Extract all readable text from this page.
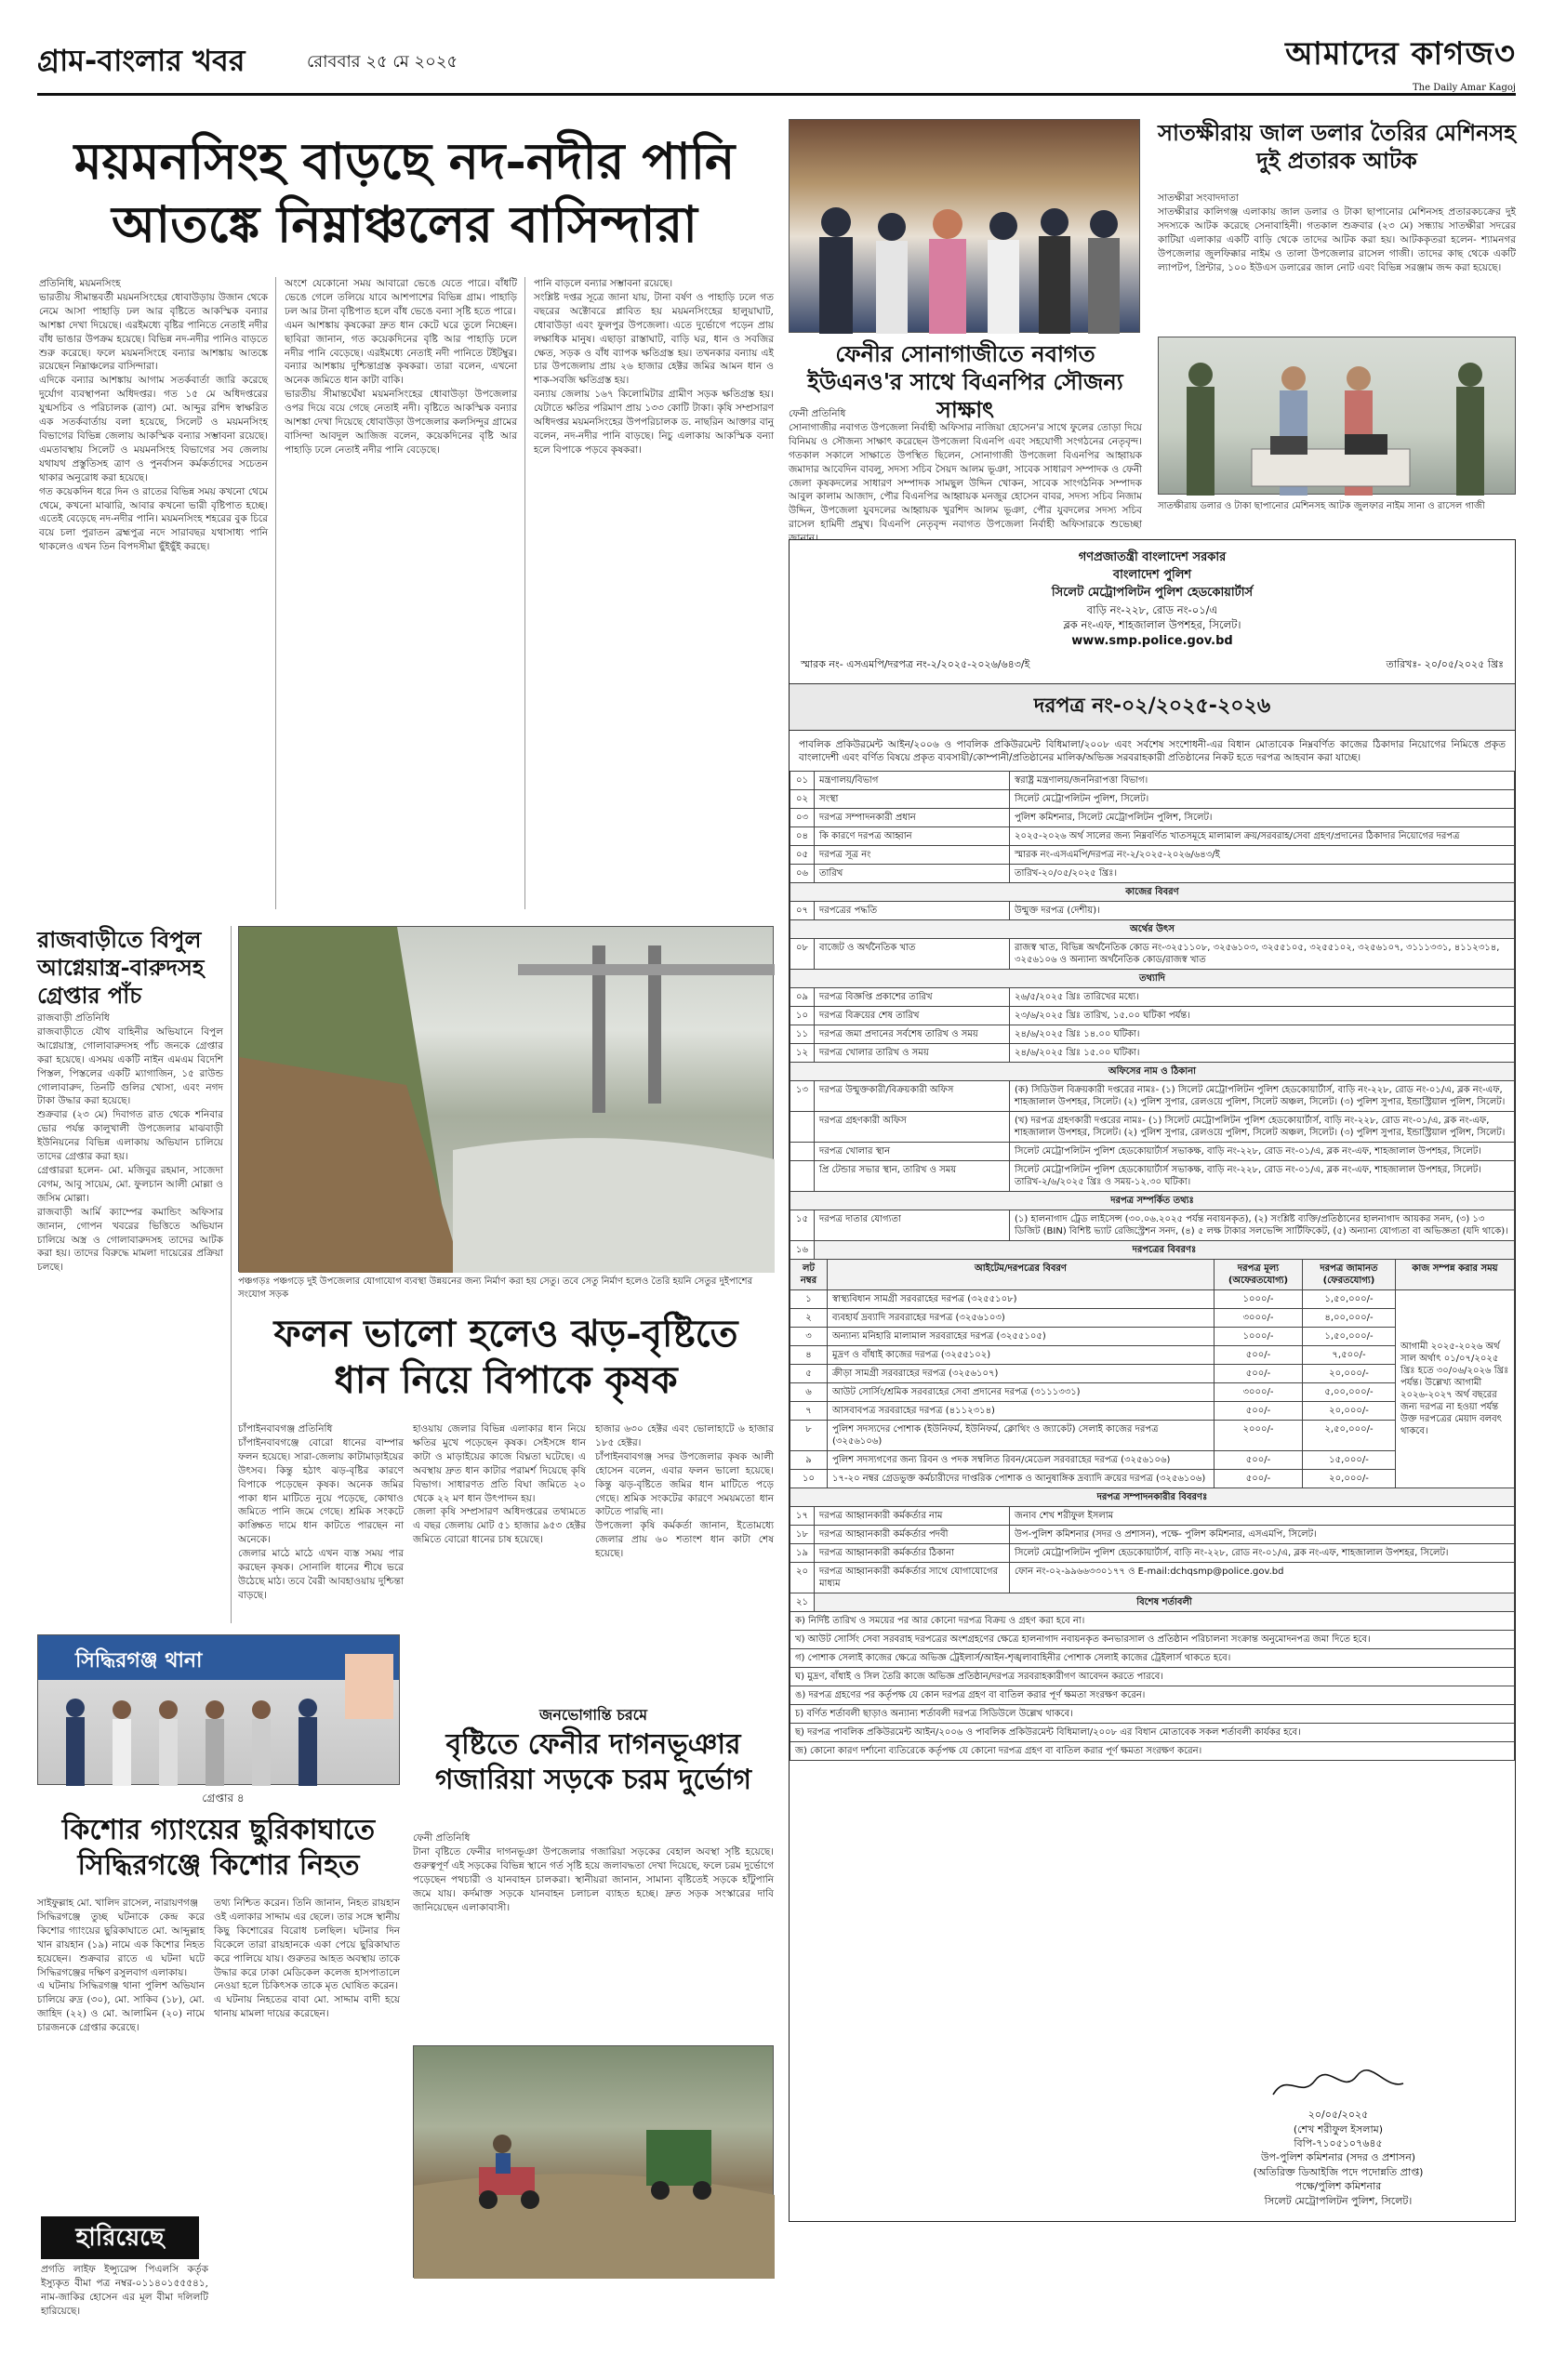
গ্রাম-বাংলার খবর	রোববার ২৫ মে ২০২৫	আমাদের কাগজ৩
The Daily Amar Kagoj
ময়মনসিংহ বাড়ছে নদ-নদীর পানি
আতঙ্কে নিম্নাঞ্চলের বাসিন্দারা
প্রতিনিধি, ময়মনসিংহ
ভারতীয় সীমান্তবর্তী ময়মনসিংহের ধোবাউড়ায় উজান থেকে নেমে আসা পাহাড়ি ঢল আর বৃষ্টিতে আকস্মিক বন্যার আশঙ্কা দেখা দিয়েছে। এরইমধ্যে বৃষ্টির পানিতে নেতাই নদীর বাঁধ ভাঙার উপক্রম হয়েছে। বিভিন্ন নদ-নদীর পানিও বাড়তে শুরু করেছে। ফলে ময়মনসিংহে বন্যার আশঙ্কায় আতঙ্কে রয়েছেন নিম্নাঞ্চলের বাসিন্দারা।
এদিকে বন্যার আশঙ্কায় আগাম সতর্কবার্তা জারি করেছে দুর্যোগ ব্যবস্থাপনা অধিদপ্তর। গত ১৫ মে অধিদপ্তরের যুগ্মসচিব ও পরিচালক (ত্রাণ) মো. আব্দুর রশিদ স্বাক্ষরিত এক সতর্কবার্তায় বলা হয়েছে, সিলেট ও ময়মনসিংহ বিভাগের বিভিন্ন জেলায় আকস্মিক বন্যার সম্ভাবনা রয়েছে। এমতাবস্থায় সিলেট ও ময়মনসিংহ বিভাগের সব জেলায় যথাযথ প্রস্তুতিসহ ত্রাণ ও পুনর্বাসন কর্মকর্তাদের সচেতন থাকার অনুরোধ করা হয়েছে।
গত কয়েকদিন ধরে দিন ও রাতের বিভিন্ন সময় কখনো থেমে থেমে, কখনো মাঝারি, আবার কখনো ভারী বৃষ্টিপাত হচ্ছে। এতেই বেড়েছে নদ-নদীর পানি। ময়মনসিংহ শহরের বুক চিরে বয়ে চলা পুরাতন ব্রহ্মপুত্র নদে সারাবছর যথাসাধ্য পানি থাকলেও এখন তিন বিপদসীমা ছুঁইছুঁই করছে।
অংশে যেকোনো সময় আবারো ভেঙে যেতে পারে। বাঁধটি ভেঙে গেলে তলিয়ে যাবে আশপাশের বিভিন্ন গ্রাম। পাহাড়ি ঢল আর টানা বৃষ্টিপাত হলে বাঁধ ভেঙে বন্যা সৃষ্টি হতে পারে।
এমন আশঙ্কায় কৃষকেরা দ্রুত ধান কেটে ঘরে তুলে নিচ্ছেন। ছাবিরা জানান, গত কয়েকদিনের বৃষ্টি আর পাহাড়ি ঢলে নদীর পানি বেড়েছে। এরইমধ্যে নেতাই নদী পানিতে টইটম্বুর। বন্যার আশঙ্কায় দুশ্চিন্তাগ্রস্ত কৃষকরা। তারা বলেন, এখনো অনেক জমিতে ধান কাটা বাকি।
ভারতীয় সীমান্তঘেঁষা ময়মনসিংহের ধোবাউড়া উপজেলার ওপর দিয়ে বয়ে গেছে নেতাই নদী। বৃষ্টিতে আকস্মিক বন্যার আশঙ্কা দেখা দিয়েছে ধোবাউড়া উপজেলার কলসিন্দুর গ্রামের বাসিন্দা আবদুল আজিজ বলেন, কয়েকদিনের বৃষ্টি আর পাহাড়ি ঢলে নেতাই নদীর পানি বেড়েছে।
পানি বাড়লে বন্যার সম্ভাবনা রয়েছে।
সংশ্লিষ্ট দপ্তর সূত্রে জানা যায়, টানা বর্ষণ ও পাহাড়ি ঢলে গত বছরের অক্টোবরে প্লাবিত হয় ময়মনসিংহের হালুয়াঘাট, ধোবাউড়া এবং ফুলপুর উপজেলা। এতে দুর্ভোগে পড়েন প্রায় লক্ষাধিক মানুষ। এছাড়া রাস্তাঘাট, বাড়ি ঘর, ধান ও সবজির ক্ষেত, সড়ক ও বাঁধ ব্যাপক ক্ষতিগ্রস্ত হয়। তখনকার বন্যায় এই চার উপজেলায় প্রায় ২৬ হাজার হেক্টর জমির আমন ধান ও শাক-সবজি ক্ষতিগ্রস্ত হয়।
বন্যায় জেলায় ১৬৭ কিলোমিটার গ্রামীণ সড়ক ক্ষতিগ্রস্ত হয়। যেটাতে ক্ষতির পরিমাণ প্রায় ১৩৩ কোটি টাকা। কৃষি সম্প্রসারণ অধিদপ্তর ময়মনসিংহের উপপরিচালক ড. নাছরিন আক্তার বানু বলেন, নদ-নদীর পানি বাড়ছে। নিচু এলাকায় আকস্মিক বন্যা হলে বিপাকে পড়বে কৃষকরা।
ফেনীর সোনাগাজীতে নবাগত ইউএনও'র সাথে বিএনপির সৌজন্য সাক্ষাৎ
ফেনী প্রতিনিধি
সোনাগাজীর নবাগত উপজেলা নির্বাহী অফিসার নাজিয়া হোসেন'র সাথে ফুলের তোড়া দিয়ে বিনিময় ও সৌজন্য সাক্ষাৎ করেছেন উপজেলা বিএনপি এবং সহযোগী সংগঠনের নেতৃবৃন্দ। গতকাল সকালে সাক্ষাতে উপস্থিত ছিলেন, সোনাগাজী উপজেলা বিএনপির আহ্বায়ক জমাদার আবেদিন বাবলু, সদস্য সচিব সৈয়দ আলম ভূঞা, সাবেক সাধারণ সম্পাদক ও ফেনী জেলা কৃষকদলের সাধারণ সম্পাদক সামছুল উদ্দিন খোকন, সাবেক সাংগঠনিক সম্পাদক আবুল কালাম আজাদ, পৌর বিএনপির আহ্বায়ক মনজুর হোসেন বাবর, সদস্য সচিব নিজাম উদ্দিন, উপজেলা যুবদলের আহ্বায়ক খুরশিদ আলম ভূঞা, পৌর যুবদলের সদস্য সচিব রাসেল হামিদী প্রমুখ। বিএনপি নেতৃবৃন্দ নবাগত উপজেলা নির্বাহী অফিসারকে শুভেচ্ছা
সাতক্ষীরায় জাল ডলার তৈরির মেশিনসহ দুই প্রতারক আটক
সাতক্ষীরা সংবাদদাতা
সাতক্ষীরার কালিগঞ্জ এলাকায় জাল ডলার ও টাকা ছাপানোর মেশিনসহ প্রতারকচক্রের দুই সদস্যকে আটক করেছে সেনাবাহিনী। গতকাল শুক্রবার (২৩ মে) সন্ধ্যায় সাতক্ষীরা সদরের কাটিয়া এলাকার একটি বাড়ি থেকে তাদের আটক করা হয়। আটককৃতরা হলেন- শ্যামনগর উপজেলার জুলফিক্কার নাইম ও তালা উপজেলার রাসেল গাজী। তাদের কাছ থেকে একটি ল্যাপটপ, প্রিন্টার, ১০০ ইউএস ডলারের জাল নোট এবং বিভিন্ন সরঞ্জাম জব্দ করা হয়েছে।
সাতক্ষীরায় ডলার ও টাকা ছাপানোর মেশিনসহ আটক জুলফার নাইম সানা ও রাসেল গাজী
রাজবাড়ীতে বিপুল আগ্নেয়াস্ত্র-বারুদসহ গ্রেপ্তার পাঁচ
রাজবাড়ী প্রতিনিধি
রাজবাড়ীতে যৌথ বাহিনীর অভিযানে বিপুল আগ্নেয়াস্ত্র, গোলাবারুদসহ পাঁচ জনকে গ্রেপ্তার করা হয়েছে। এসময় একটি নাইন এমএম বিদেশি পিস্তল, পিস্তলের একটি ম্যাগাজিন, ১৫ রাউন্ড গোলাবারুদ, তিনটি গুলির খোসা, এবং নগদ টাকা উদ্ধার করা হয়েছে।
শুক্রবার (২৩ মে) দিবাগত রাত থেকে শনিবার ভোর পর্যন্ত কালুখালী উপজেলার মাঝবাড়ী ইউনিয়নের বিভিন্ন এলাকায় অভিযান চালিয়ে তাদের গ্রেপ্তার করা হয়।
গ্রেপ্তাররা হলেন- মো. মজিবুর রহমান, সাজেদা বেগম, আবু সায়েম, মো. ফুলচান আলী মোল্লা ও জসিম মোল্লা।
রাজবাড়ী আর্মি ক্যাম্পের কমান্ডিং অফিসার জানান, গোপন খবরের ভিত্তিতে অভিযান চালিয়ে অস্ত্র ও গোলাবারুদসহ তাদের আটক করা হয়। তাদের বিরুদ্ধে মামলা দায়েরের প্রক্রিয়া চলছে।
পঞ্চগড়ঃ পঞ্চগড়ে দুই উপজেলার যোগাযোগ ব্যবস্থা উন্নয়নের জন্য নির্মাণ করা হয় সেতু। তবে সেতু নির্মাণ হলেও তৈরি হয়নি সেতুর দুইপাশের সংযোগ সড়ক
ফলন ভালো হলেও ঝড়-বৃষ্টিতে
ধান নিয়ে বিপাকে কৃষক
চাঁপাইনবাবগঞ্জ প্রতিনিধি
চাঁপাইনবাবগঞ্জে বোরো ধানের বাম্পার ফলন হয়েছে। সারা-জেলায় কাটামাড়াইয়ের উৎসব। কিন্তু হঠাৎ ঝড়-বৃষ্টির কারণে বিপাকে পড়েছেন কৃষক। অনেক জমির পাকা ধান মাটিতে নুয়ে পড়েছে, কোথাও জমিতে পানি জমে গেছে। শ্রমিক সংকটে কাঙ্ক্ষিত দামে ধান কাটতে পারছেন না অনেকে।
জেলার মাঠে মাঠে এখন ব্যস্ত সময় পার করছেন কৃষক। সোনালি ধানের শীষে ভরে উঠেছে মাঠ। তবে বৈরী আবহাওয়ায় দুশ্চিন্তা বাড়ছে।
হাওয়ায় জেলার বিভিন্ন এলাকার ধান নিয়ে ক্ষতির মুখে পড়েছেন কৃষক। সেইসঙ্গে ধান কাটা ও মাড়াইয়ের কাজে বিঘ্নতা ঘটেছে। এ অবস্থায় দ্রুত ধান কাটার পরামর্শ দিয়েছে কৃষি বিভাগ। সাধারণত প্রতি বিঘা জমিতে ২০ থেকে ২২ মণ ধান উৎপাদন হয়।
জেলা কৃষি সম্প্রসারণ অধিদপ্তরের তথ্যমতে এ বছর জেলায় মোট ৫১ হাজার ৯৫৩ হেক্টর জমিতে বোরো ধানের চাষ হয়েছে।
হাজার ৬৩০ হেক্টর এবং ভোলাহাটে ৬ হাজার ১৮৫ হেক্টর।
চাঁপাইনবাবগঞ্জ সদর উপজেলার কৃষক আলী হোসেন বলেন, এবার ফলন ভালো হয়েছে। কিন্তু ঝড়-বৃষ্টিতে জমির ধান মাটিতে পড়ে গেছে। শ্রমিক সংকটের কারণে সময়মতো ধান কাটতে পারছি না।
উপজেলা কৃষি কর্মকর্তা জানান, ইতোমধ্যে জেলার প্রায় ৬০ শতাংশ ধান কাটা শেষ হয়েছে।
সিদ্ধিরগঞ্জ থানা
গ্রেপ্তার ৪
কিশোর গ্যাংয়ের ছুরিকাঘাতে সিদ্ধিরগঞ্জে কিশোর নিহত
সাইফুল্লাহ মো. খালিদ রাসেল, নারায়ণগঞ্জ
সিদ্ধিরগঞ্জে তুচ্ছ ঘটনাকে কেন্দ্র করে কিশোর গ্যাংয়ের ছুরিকাঘাতে মো. আব্দুল্লাহ খান রায়হান (১৯) নামে এক কিশোর নিহত হয়েছেন। শুক্রবার রাতে এ ঘটনা ঘটে সিদ্ধিরগঞ্জের দক্ষিণ রসুলবাগ এলাকায়।
এ ঘটনায় সিদ্ধিরগঞ্জ থানা পুলিশ অভিযান চালিয়ে রুদ্র (৩০), মো. সাকিব (১৮), মো. জাহিদ (২২) ও মো. আলামিন (২০) নামে চারজনকে গ্রেপ্তার করেছে।
তথ্য নিশ্চিত করেন। তিনি জানান, নিহত রায়হান ওই এলাকার সাদ্দাম এর ছেলে। তার সঙ্গে স্থানীয় কিছু কিশোরের বিরোধ চলছিল। ঘটনার দিন বিকেলে তারা রায়হানকে একা পেয়ে ছুরিকাঘাত করে পালিয়ে যায়। গুরুতর আহত অবস্থায় তাকে উদ্ধার করে ঢাকা মেডিকেল কলেজ হাসপাতালে নেওয়া হলে চিকিৎসক তাকে মৃত ঘোষিত করেন।
এ ঘটনায় নিহতের বাবা মো. সাদ্দাম বাদী হয়ে থানায় মামলা দায়ের করেছেন।
জনভোগান্তি চরমে
বৃষ্টিতে ফেনীর দাগনভূঞার গজারিয়া সড়কে চরম দুর্ভোগ
ফেনী প্রতিনিধি
টানা বৃষ্টিতে ফেনীর দাগনভূঞা উপজেলার গজারিয়া সড়কের বেহাল অবস্থা সৃষ্টি হয়েছে। গুরুত্বপূর্ণ এই সড়কের বিভিন্ন স্থানে গর্ত সৃষ্টি হয়ে জলাবদ্ধতা দেখা দিয়েছে, ফলে চরম দুর্ভোগে পড়েছেন পথচারী ও যানবাহন চালকরা। স্থানীয়রা জানান, সামান্য বৃষ্টিতেই সড়কে হাঁটুপানি জমে যায়। কর্দমাক্ত সড়কে যানবাহন চলাচল ব্যাহত হচ্ছে। দ্রুত সড়ক সংস্কারের দাবি জানিয়েছেন এলাকাবাসী।
হারিয়েছে
প্রগতি লাইফ ইন্স্যুরেন্স পিএলসি কর্তৃক ইস্যুকৃত বীমা পত্র নম্বর-০১১৪০১৫৫৫৪১, নাম-জাকির হোসেন এর মূল বীমা দলিলটি হারিয়েছে।
গণপ্রজাতন্ত্রী বাংলাদেশ সরকার
বাংলাদেশ পুলিশ
সিলেট মেট্রোপলিটন পুলিশ হেডকোয়ার্টার্স
বাড়ি নং-২২৮, রোড নং-০১/এ
ব্লক নং-এফ, শাহজালাল উপশহর, সিলেট।
www.smp.police.gov.bd
স্মারক নং- এসএমপি/দরপত্র নং-২/২০২৫-২০২৬/৬৪৩/ই	তারিখঃ- ২০/০৫/২০২৫ খ্রিঃ
দরপত্র নং-০২/২০২৫-২০২৬
পাবলিক প্রকিউরমেন্ট আইন/২০০৬ ও পাবলিক প্রকিউরমেন্ট বিধিমালা/২০০৮ এবং সর্বশেষ সংশোধনী-এর বিধান মোতাবেক নিম্নবর্ণিত কাজের ঠিকাদার নিয়োগের নিমিত্তে প্রকৃত বাংলাদেশী এবং বর্ণিত বিষয়ে প্রকৃত ব্যবসায়ী/কোম্পানী/প্রতিষ্ঠানের মালিক/অভিজ্ঞ সরবরাহকারী প্রতিষ্ঠানের নিকট হতে দরপত্র আহবান করা যাচ্ছে।
০১	মন্ত্রণালয়/বিভাগ	স্বরাষ্ট্র মন্ত্রণালয়/জননিরাপত্তা বিভাগ।
০২	সংস্থা	সিলেট মেট্রোপলিটন পুলিশ, সিলেট।
০৩	দরপত্র সম্পাদনকারী প্রধান	পুলিশ কমিশনার, সিলেট মেট্রোপলিটন পুলিশ, সিলেট।
০৪	কি কারণে দরপত্র আহ্বান	২০২৫-২০২৬ অর্থ সালের জন্য নিম্নবর্ণিত খাতসমূহে মালামাল ক্রয়/সরবরাহ/সেবা গ্রহণ/প্রদানের ঠিকাদার নিয়োগের দরপত্র
০৫	দরপত্র সূত্র নং	স্মারক নং-এসএমপি/দরপত্র নং-২/২০২৫-২০২৬/৬৪৩/ই
০৬	তারিখ	তারিখ-২০/০৫/২০২৫ খ্রিঃ।
কাজের বিবরণ		
০৭	দরপত্রের পদ্ধতি	উন্মুক্ত দরপত্র (দেশীয়)।
অর্থের উৎস		
০৮	বাজেট ও অর্থনৈতিক খাত	রাজস্ব খাত, বিভিন্ন অর্থনৈতিক কোড নং-৩২৫১১০৮, ৩২৫৬১০৩, ৩২৫৫১০৫, ৩২৫৫১০২, ৩২৫৬১০৭, ৩১১১৩৩১, ৪১১২৩১৪, ৩২৫৬১০৬ ও অন্যান্য অর্থনৈতিক কোড/রাজস্ব খাত
তথ্যাদি		
০৯	দরপত্র বিজ্ঞপ্তি প্রকাশের তারিখ	২৬/৫/২০২৫ খ্রিঃ তারিখের মধ্যে।
১০	দরপত্র বিক্রয়ের শেষ তারিখ	২৩/৬/২০২৫ খ্রিঃ তারিখ, ১৫.০০ ঘটিকা পর্যন্ত।
১১	দরপত্র জমা প্রদানের সর্বশেষ তারিখ ও সময়	২৪/৬/২০২৫ খ্রিঃ ১৪.০০ ঘটিকা।
১২	দরপত্র খোলার তারিখ ও সময়	২৪/৬/২০২৫ খ্রিঃ ১৫.০০ ঘটিকা।
অফিসের নাম ও ঠিকানা		
১৩	দরপত্র উন্মুক্তকারী/বিক্রয়কারী অফিস	(ক) সিডিউল বিক্রয়কারী দপ্তরের নামঃ- (১) সিলেট মেট্রোপলিটন পুলিশ হেডকোয়ার্টার্স, বাড়ি নং-২২৮, রোড নং-০১/এ, ব্লক নং-এফ, শাহজালাল উপশহর, সিলেট। (২) পুলিশ সুপার, রেলওয়ে পুলিশ, সিলেট অঞ্চল, সিলেট। (৩) পুলিশ সুপার, ইন্ডাস্ট্রিয়াল পুলিশ, সিলেট।
	দরপত্র গ্রহণকারী অফিস	(খ) দরপত্র গ্রহণকারী দপ্তরের নামঃ- (১) সিলেট মেট্রোপলিটন পুলিশ হেডকোয়ার্টার্স, বাড়ি নং-২২৮, রোড নং-০১/এ, ব্লক নং-এফ, শাহজালাল উপশহর, সিলেট। (২) পুলিশ সুপার, রেলওয়ে পুলিশ, সিলেট অঞ্চল, সিলেট। (৩) পুলিশ সুপার, ইন্ডাস্ট্রিয়াল পুলিশ, সিলেট।
	দরপত্র খোলার স্থান	সিলেট মেট্রোপলিটন পুলিশ হেডকোয়ার্টার্স সভাকক্ষ, বাড়ি নং-২২৮, রোড নং-০১/এ, ব্লক নং-এফ, শাহজালাল উপশহর, সিলেট।
	প্রি টেন্ডার সভার স্থান, তারিখ ও সময়	সিলেট মেট্রোপলিটন পুলিশ হেডকোয়ার্টার্স সভাকক্ষ, বাড়ি নং-২২৮, রোড নং-০১/এ, ব্লক নং-এফ, শাহজালাল উপশহর, সিলেট। তারিখ-২/৬/২০২৫ খ্রিঃ ও সময়-১২.৩০ ঘটিকা।
দরপত্র সম্পর্কিত তথ্যঃ		
১৫	দরপত্র দাতার যোগ্যতা	(১) হালনাগাদ ট্রেড লাইসেন্স (৩০.০৬.২০২৫ পর্যন্ত নবায়নকৃত), (২) সংশ্লিষ্ট ব্যক্তি/প্রতিষ্ঠানের হালনাগাদ আয়কর সনদ, (৩) ১৩ ডিজিট (BIN) বিশিষ্ট ভ্যাট রেজিস্ট্রেশন সনদ, (৪) ৫ লক্ষ টাকার সলভেন্সি সার্টিফিকেট, (৫) অন্যান্য যোগ্যতা বা অভিজ্ঞতা (যদি থাকে)।
১৬	দরপত্রের বিবরণঃ	
লট নম্বর	আইটেম/দরপত্রের বিবরণ	দরপত্র মূল্য (অফেরতযোগ্য)	দরপত্র জামানত (ফেরতযোগ্য)	কাজ সম্পন্ন করার সময়
১	স্বাস্থ্যবিধান সামগ্রী সরবরাহের দরপত্র (৩২৫৫১০৮)	১০০০/-	১,৫০,০০০/-	আগামী ২০২৫-২০২৬ অর্থ সাল অর্থাৎ ০১/০৭/২০২৫ খ্রিঃ হতে ৩০/০৬/২০২৬ খ্রিঃ পর্যন্ত। উল্লেখ্য আগামী ২০২৬-২০২৭ অর্থ বছরের জন্য দরপত্র না হওয়া পর্যন্ত উক্ত দরপত্রের মেয়াদ বলবৎ থাকবে।
২	ব্যবহার্য দ্রব্যাদি সরবরাহের দরপত্র (৩২৫৬১০৩)	৩০০০/-	৪,০০,০০০/-	
৩	অন্যান্য মনিহারি মালামাল সরবরাহের দরপত্র (৩২৫৫১০৫)	১০০০/-	১,৫০,০০০/-	
৪	মুদ্রণ ও বাঁধাই কাজের দরপত্র (৩২৫৫১০২)	৫০০/-	৭,৫০০/-	
৫	ক্রীড়া সামগ্রী সরবরাহের দরপত্র (৩২৫৬১০৭)	৫০০/-	২০,০০০/-	
৬	আউট সোর্সিং/শ্রমিক সরবরাহের সেবা প্রদানের দরপত্র (৩১১১৩৩১)	৩০০০/-	৫,০০,০০০/-	
৭	আসবাবপত্র সরবরাহের দরপত্র (৪১১২৩১৪)	৫০০/-	২০,০০০/-	
৮	পুলিশ সদস্যদের পোশাক (ইউনিফর্ম, ইউনিফর্ম, ক্লোথিং ও জ্যাকেট) সেলাই কাজের দরপত্র (৩২৫৬১০৬)	২০০০/-	২,৫০,০০০/-	
৯	পুলিশ সদস্যগণের জন্য রিবন ও পদক সম্বলিত রিবন/মেডেল সরবরাহের দরপত্র (৩২৫৬১০৬)	৫০০/-	১৫,০০০/-	
১০	১৭-২০ নম্বর গ্রেডভুক্ত কর্মচারীদের দাপ্তরিক পোশাক ও আনুষাঙ্গিক দ্রব্যাদি ক্রয়ের দরপত্র (৩২৫৬১০৬)	৫০০/-	২০,০০০/-	
দরপত্র সম্পাদনকারীর বিবরণঃ		
১৭	দরপত্র আহ্বানকারী কর্মকর্তার নাম	জনাব শেখ শরীফুল ইসলাম
১৮	দরপত্র আহ্বানকারী কর্মকর্তার পদবী	উপ-পুলিশ কমিশনার (সদর ও প্রশাসন), পক্ষে- পুলিশ কমিশনার, এসএমপি, সিলেট।
১৯	দরপত্র আহ্বানকারী কর্মকর্তার ঠিকানা	সিলেট মেট্রোপলিটন পুলিশ হেডকোয়ার্টার্স, বাড়ি নং-২২৮, রোড নং-০১/এ, ব্লক নং-এফ, শাহজালাল উপশহর, সিলেট।
২০	দরপত্র আহ্বানকারী কর্মকর্তার সাথে যোগাযোগের মাধ্যম	ফোন নং-০২-৯৯৬৬৩৩০১৭৭ ও E-mail:dchqsmp@police.gov.bd
২১	বিশেষ শর্তাবলী	
ক) নির্দিষ্ট তারিখ ও সময়ের পর আর কোনো দরপত্র বিক্রয় ও গ্রহণ করা হবে না।		
খ) আউট সোর্সিং সেবা সরবরাহ দরপত্রের অংশগ্রহণের ক্ষেত্রে হালনাগাদ নবায়নকৃত কনভারসাল ও প্রতিষ্ঠান পরিচালনা সংক্রান্ত অনুমোদনপত্র জমা দিতে হবে।		
গ) পোশাক সেলাই কাজের ক্ষেত্রে অভিজ্ঞ ট্রেইলার্স/আইন-শৃঙ্খলাবাহিনীর পোশাক সেলাই কাজের ট্রেইলার্স থাকতে হবে।		
ঘ) মুদ্রণ, বাঁধাই ও সিল তৈরি কাজে অভিজ্ঞ প্রতিষ্ঠান/দরপত্র সরবরাহকারীগণ আবেদন করতে পারবে।		
ঙ) দরপত্র গ্রহণের পর কর্তৃপক্ষ যে কোন দরপত্র গ্রহণ বা বাতিল করার পূর্ণ ক্ষমতা সংরক্ষণ করেন।		
চ) বর্ণিত শর্তাবলী ছাড়াও অন্যান্য শর্তাবলী দরপত্র সিডিউলে উল্লেখ থাকবে।		
ছ) দরপত্র পাবলিক প্রকিউরমেন্ট আইন/২০০৬ ও পাবলিক প্রকিউরমেন্ট বিধিমালা/২০০৮ এর বিধান মোতাবেক সকল শর্তাবলী কার্যকর হবে।		
জ) কোনো কারণ দর্শানো ব্যতিরেকে কর্তৃপক্ষ যে কোনো দরপত্র গ্রহণ বা বাতিল করার পূর্ণ ক্ষমতা সংরক্ষণ করেন।		
২০/০৫/২০২৫
(শেখ শরীফুল ইসলাম)
বিপি-৭১০৫১০৭৬৪৫
উপ-পুলিশ কমিশনার (সদর ও প্রশাসন)
(অতিরিক্ত ডিআইজি পদে পদোন্নতি প্রাপ্ত)
পক্ষে/পুলিশ কমিশনার
সিলেট মেট্রোপলিটন পুলিশ, সিলেট।
